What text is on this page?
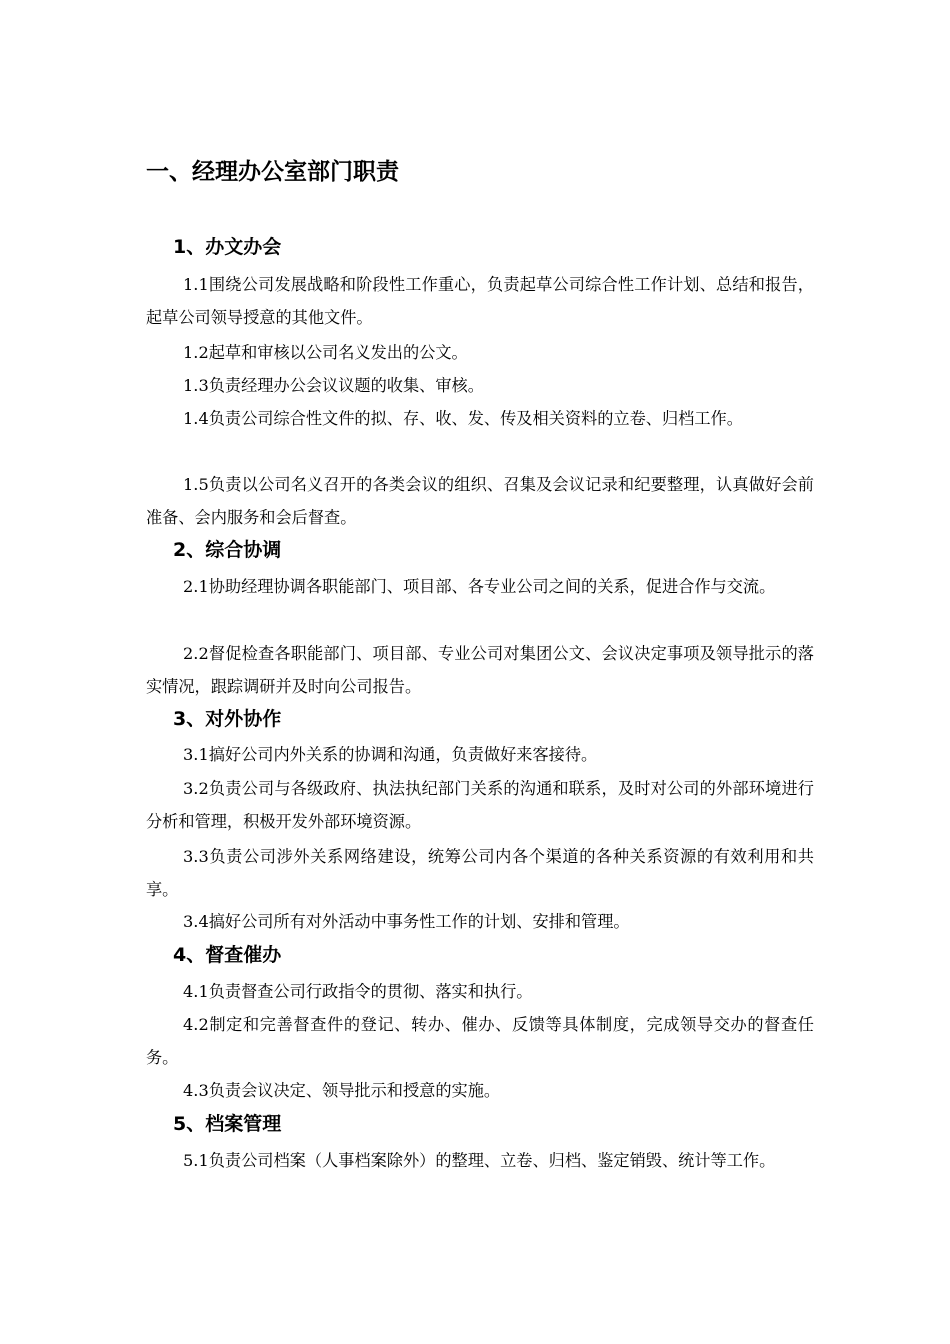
一、经理办公室部门职责
1、办文办会

1.1围绕公司发展战略和阶段性工作重心，负责起草公司综合性工作计划、总结和报告，起草公司领导授意的其他文件。

1.2起草和审核以公司名义发出的公文。

1.3负责经理办公会议议题的收集、审核。

1.4负责公司综合性文件的拟、存、收、发、传及相关资料的立卷、归档工作。

1.5负责以公司名义召开的各类会议的组织、召集及会议记录和纪要整理，认真做好会前准备、会内服务和会后督查。

2、综合协调

2.1协助经理协调各职能部门、项目部、各专业公司之间的关系，促进合作与交流。

2.2督促检查各职能部门、项目部、专业公司对集团公文、会议决定事项及领导批示的落实情况，跟踪调研并及时向公司报告。

3、对外协作

3.1搞好公司内外关系的协调和沟通，负责做好来客接待。

3.2负责公司与各级政府、执法执纪部门关系的沟通和联系，及时对公司的外部环境进行分析和管理，积极开发外部环境资源。

3.3负责公司涉外关系网络建设，统筹公司内各个渠道的各种关系资源的有效利用和共享。

3.4搞好公司所有对外活动中事务性工作的计划、安排和管理。

4、督查催办

4.1负责督查公司行政指令的贯彻、落实和执行。

4.2制定和完善督查件的登记、转办、催办、反馈等具体制度，完成领导交办的督查任务。

4.3负责会议决定、领导批示和授意的实施。

5、档案管理

5.1负责公司档案（人事档案除外）的整理、立卷、归档、鉴定销毁、统计等工作。
